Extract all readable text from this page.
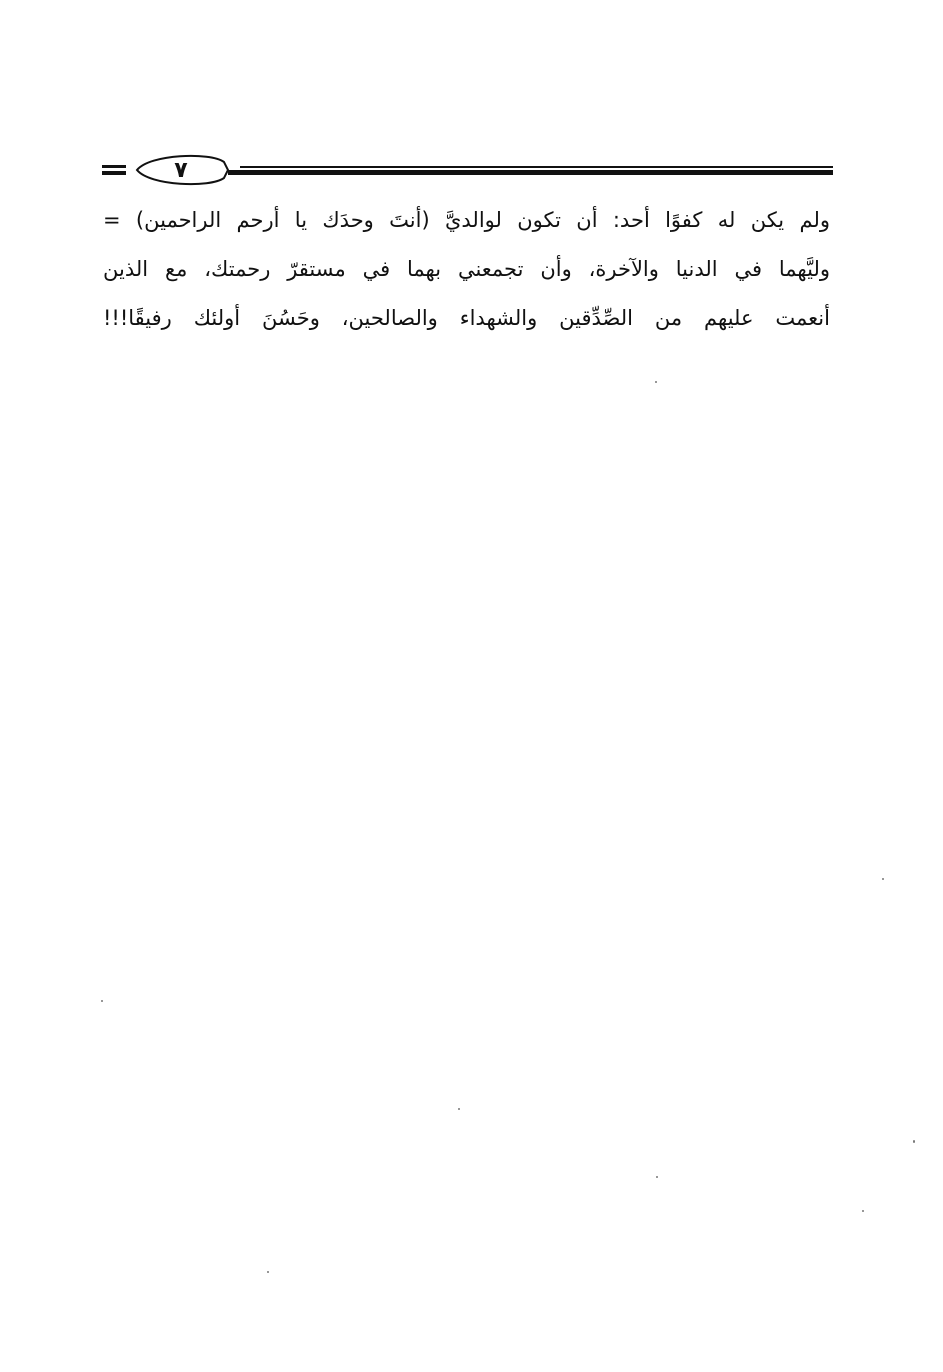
٧
ولم يكن له كفوًا أحد: أن تكون لوالديَّ (أنتَ وحدَك يا أرحم الراحمين) =
وليَّهما في الدنيا والآخرة، وأن تجمعني بهما في مستقرّ رحمتك، مع الذين
أنعمت عليهم من الصِّدِّقين والشهداء والصالحين، وحَسُنَ أولئك رفيقًا!!!
